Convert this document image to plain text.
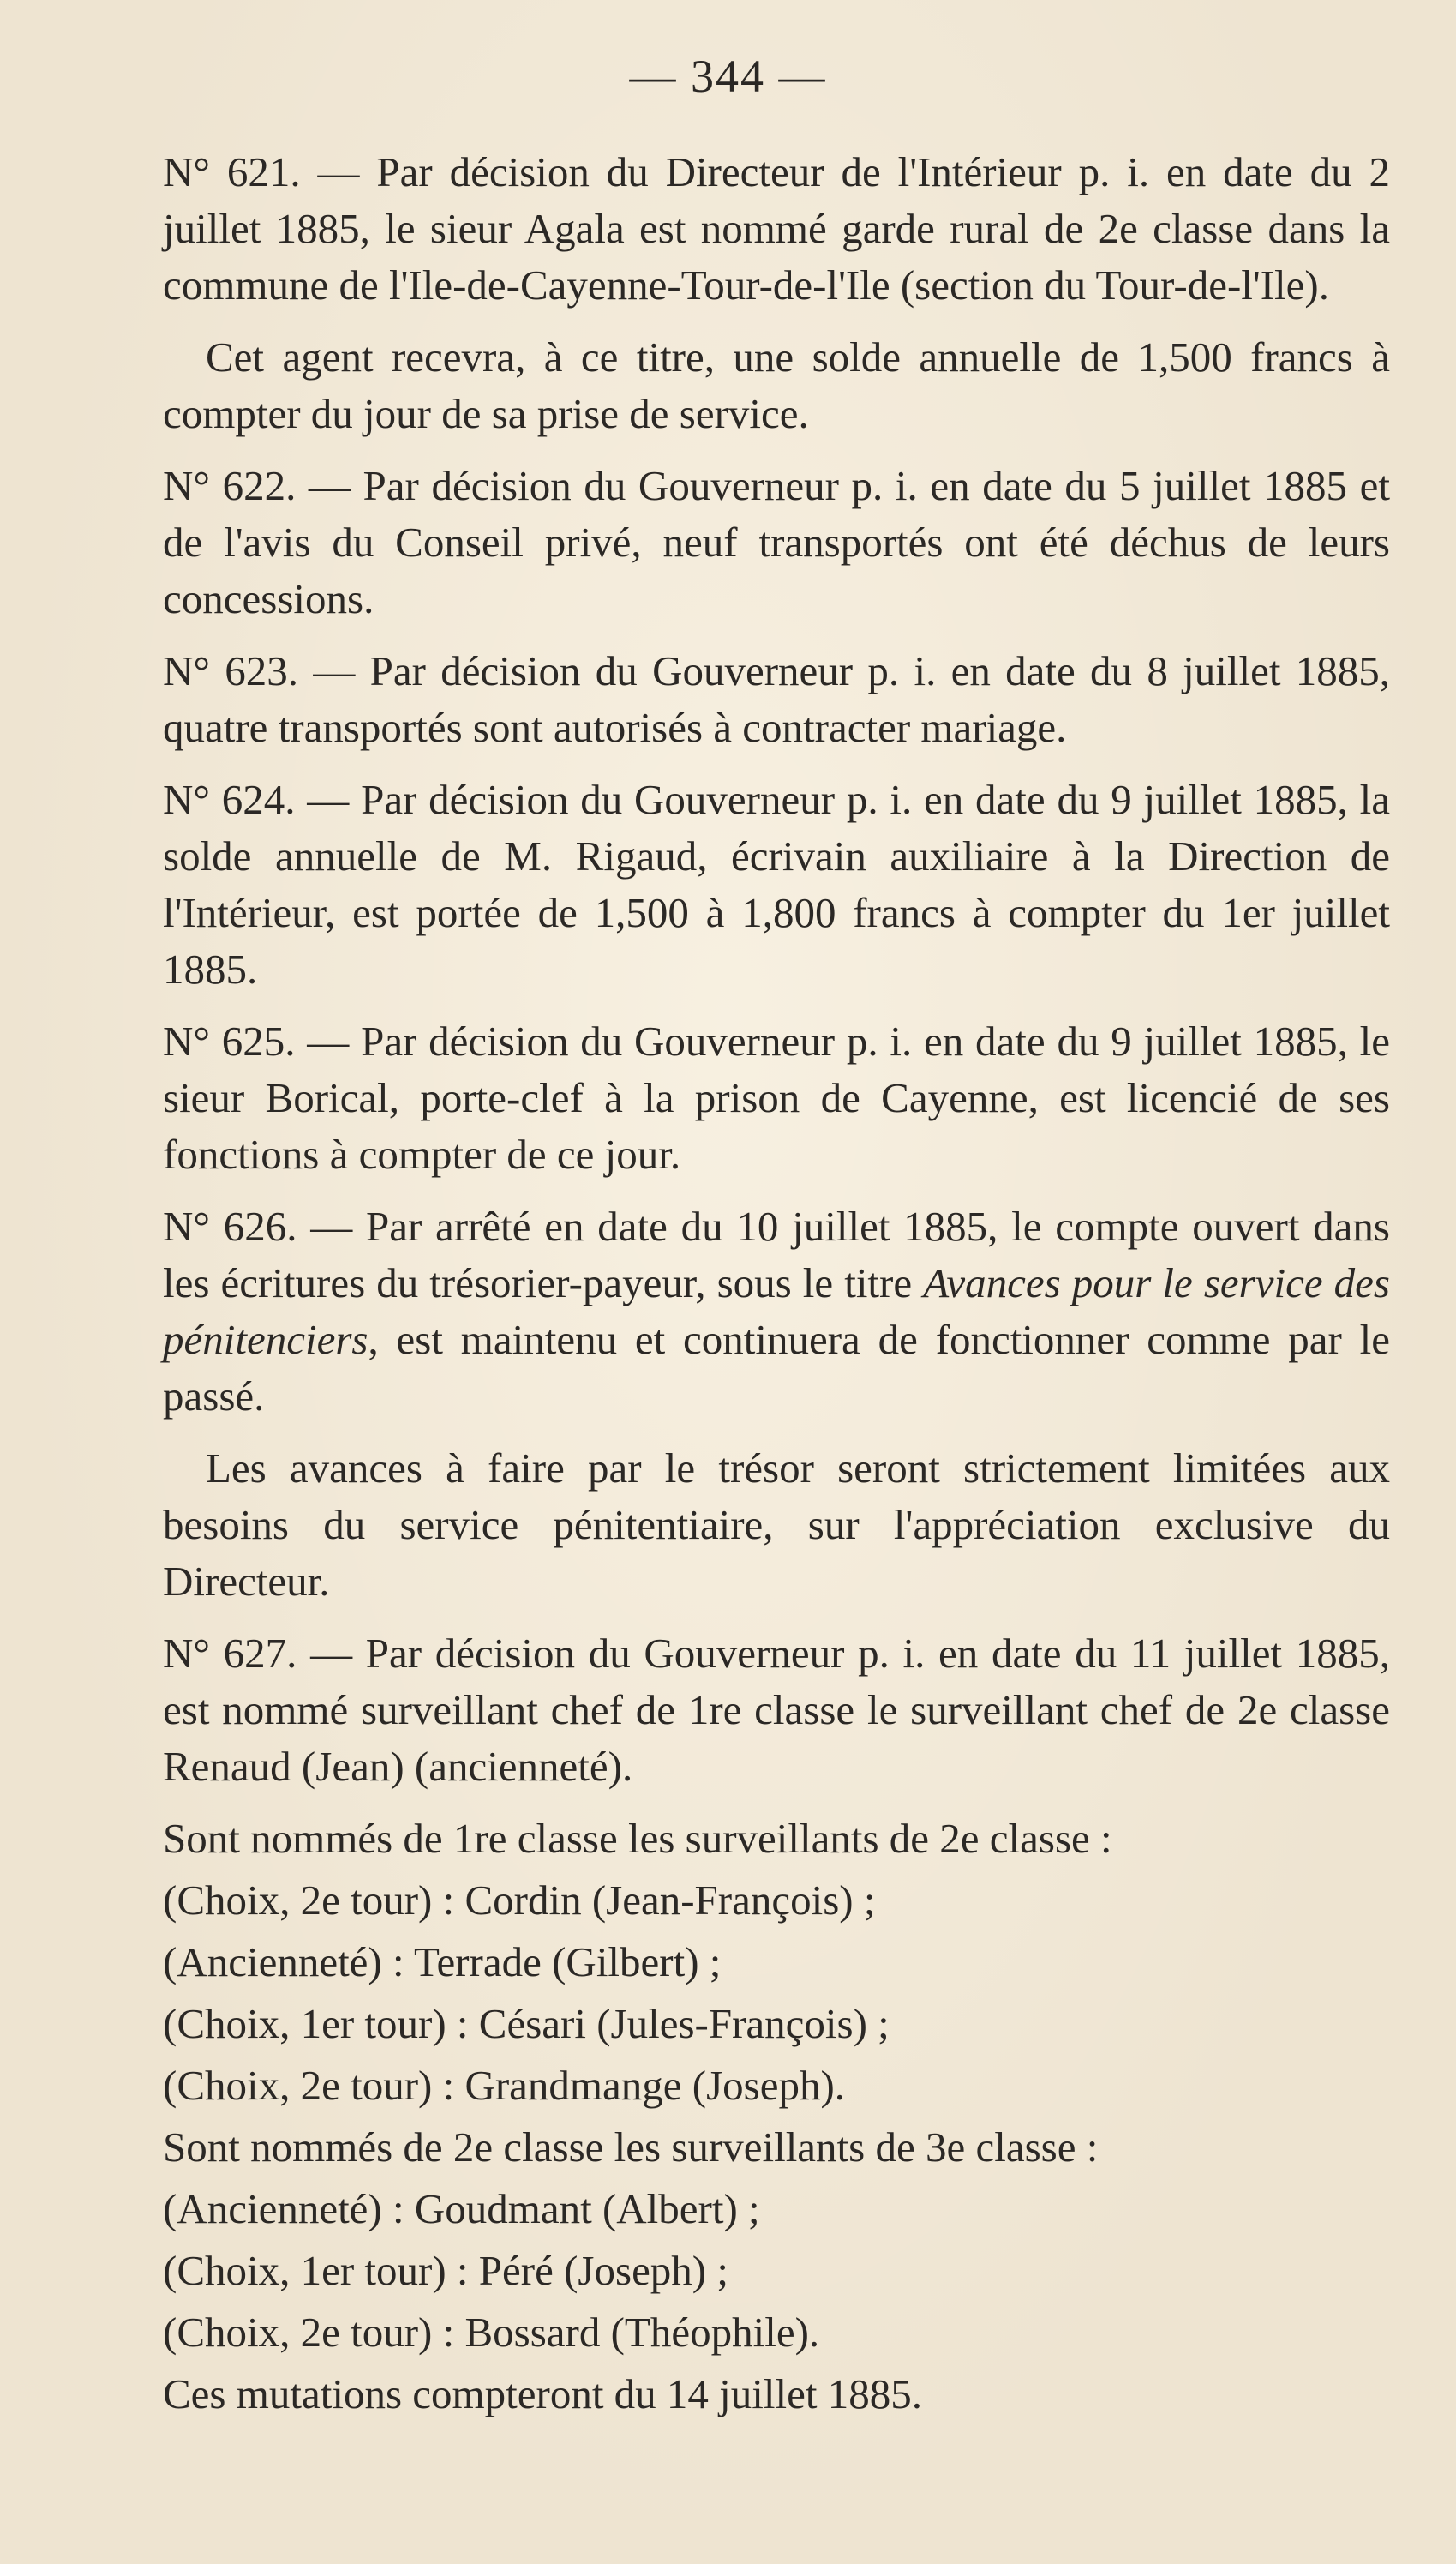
— 344 —

N° 621. — Par décision du Directeur de l'Intérieur p. i. en date du 2 juillet 1885, le sieur Agala est nommé garde rural de 2e classe dans la commune de l'Ile-de-Cayenne-Tour-de-l'Ile (section du Tour-de-l'Ile).

Cet agent recevra, à ce titre, une solde annuelle de 1,500 francs à compter du jour de sa prise de service.

N° 622. — Par décision du Gouverneur p. i. en date du 5 juillet 1885 et de l'avis du Conseil privé, neuf transportés ont été déchus de leurs concessions.

N° 623. — Par décision du Gouverneur p. i. en date du 8 juillet 1885, quatre transportés sont autorisés à contracter mariage.

N° 624. — Par décision du Gouverneur p. i. en date du 9 juillet 1885, la solde annuelle de M. Rigaud, écrivain auxiliaire à la Direction de l'Intérieur, est portée de 1,500 à 1,800 francs à compter du 1er juillet 1885.

N° 625. — Par décision du Gouverneur p. i. en date du 9 juillet 1885, le sieur Borical, porte-clef à la prison de Cayenne, est licencié de ses fonctions à compter de ce jour.

N° 626. — Par arrêté en date du 10 juillet 1885, le compte ouvert dans les écritures du trésorier-payeur, sous le titre Avances pour le service des pénitenciers, est maintenu et continuera de fonctionner comme par le passé.

Les avances à faire par le trésor seront strictement limitées aux besoins du service pénitentiaire, sur l'appréciation exclusive du Directeur.

N° 627. — Par décision du Gouverneur p. i. en date du 11 juillet 1885, est nommé surveillant chef de 1re classe le surveillant chef de 2e classe Renaud (Jean) (ancienneté).

Sont nommés de 1re classe les surveillants de 2e classe :

(Choix, 2e tour) : Cordin (Jean-François) ;

(Ancienneté) : Terrade (Gilbert) ;

(Choix, 1er tour) : Césari (Jules-François) ;

(Choix, 2e tour) : Grandmange (Joseph).

Sont nommés de 2e classe les surveillants de 3e classe :

(Ancienneté) : Goudmant (Albert) ;

(Choix, 1er tour) : Péré (Joseph) ;

(Choix, 2e tour) : Bossard (Théophile).

Ces mutations compteront du 14 juillet 1885.
